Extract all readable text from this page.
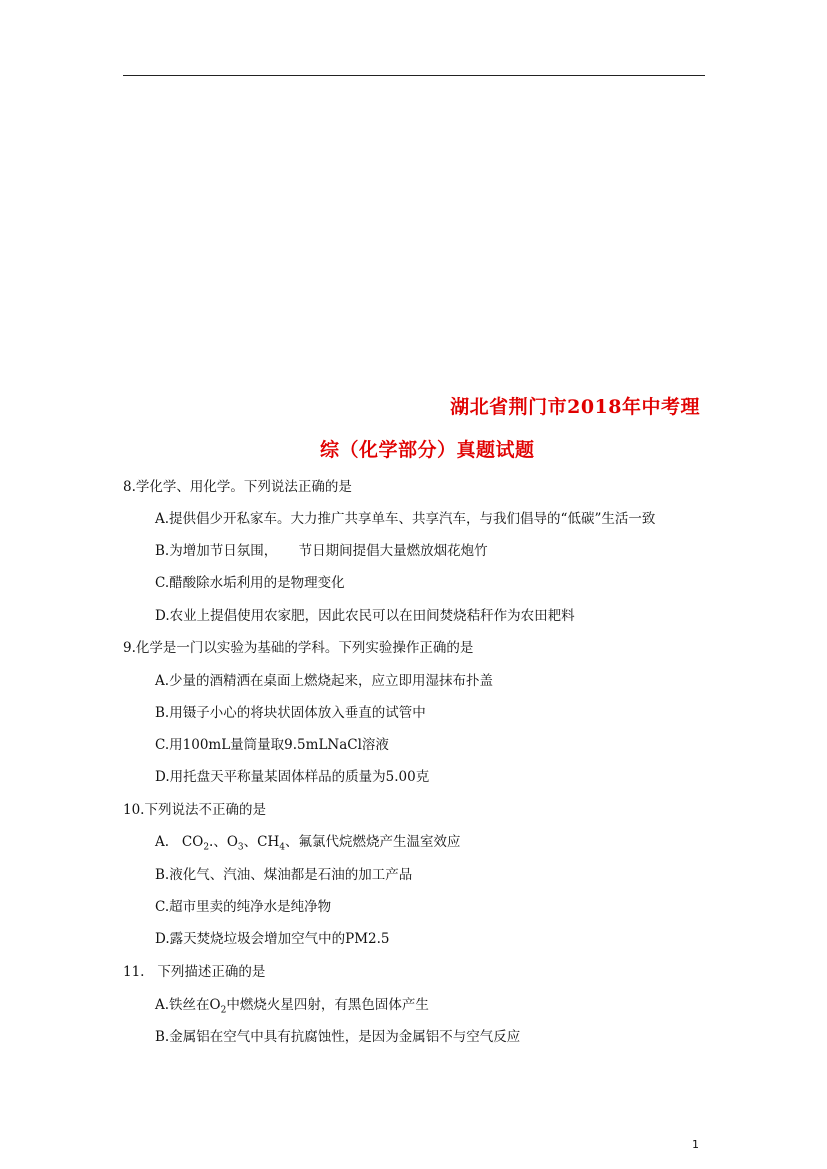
湖北省荆门市2018年中考理
综（化学部分）真题试题
8.学化学、用化学。下列说法正确的是
A.提供倡少开私家车。大力推广共享单车、共享汽车，与我们倡导的“低碳”生活一致
B.为增加节日氛围，     节日期间提倡大量燃放烟花炮竹
C.醋酸除水垢利用的是物理变化
D.农业上提倡使用农家肥，因此农民可以在田间焚烧秸秆作为农田耙料
9.化学是一门以实验为基础的学科。下列实验操作正确的是
A.少量的酒精洒在桌面上燃烧起来，应立即用湿抹布扑盖
B.用镊子小心的将块状固体放入垂直的试管中
C.用100mL量筒量取9.5mLNaCl溶液
D.用托盘天平称量某固体样品的质量为5.00克
10.下列说法不正确的是
A.   $CO_2$.、$O_3$、$CH_4$、氟氯代烷燃烧产生温室效应
B.液化气、汽油、煤油都是石油的加工产品
C.超市里卖的纯净水是纯净物
D.露天焚烧垃圾会增加空气中的PM2.5
11.   下列描述正确的是
A.铁丝在$O_2$中燃烧火星四射，有黑色固体产生
B.金属铝在空气中具有抗腐蚀性，是因为金属铝不与空气反应
1
